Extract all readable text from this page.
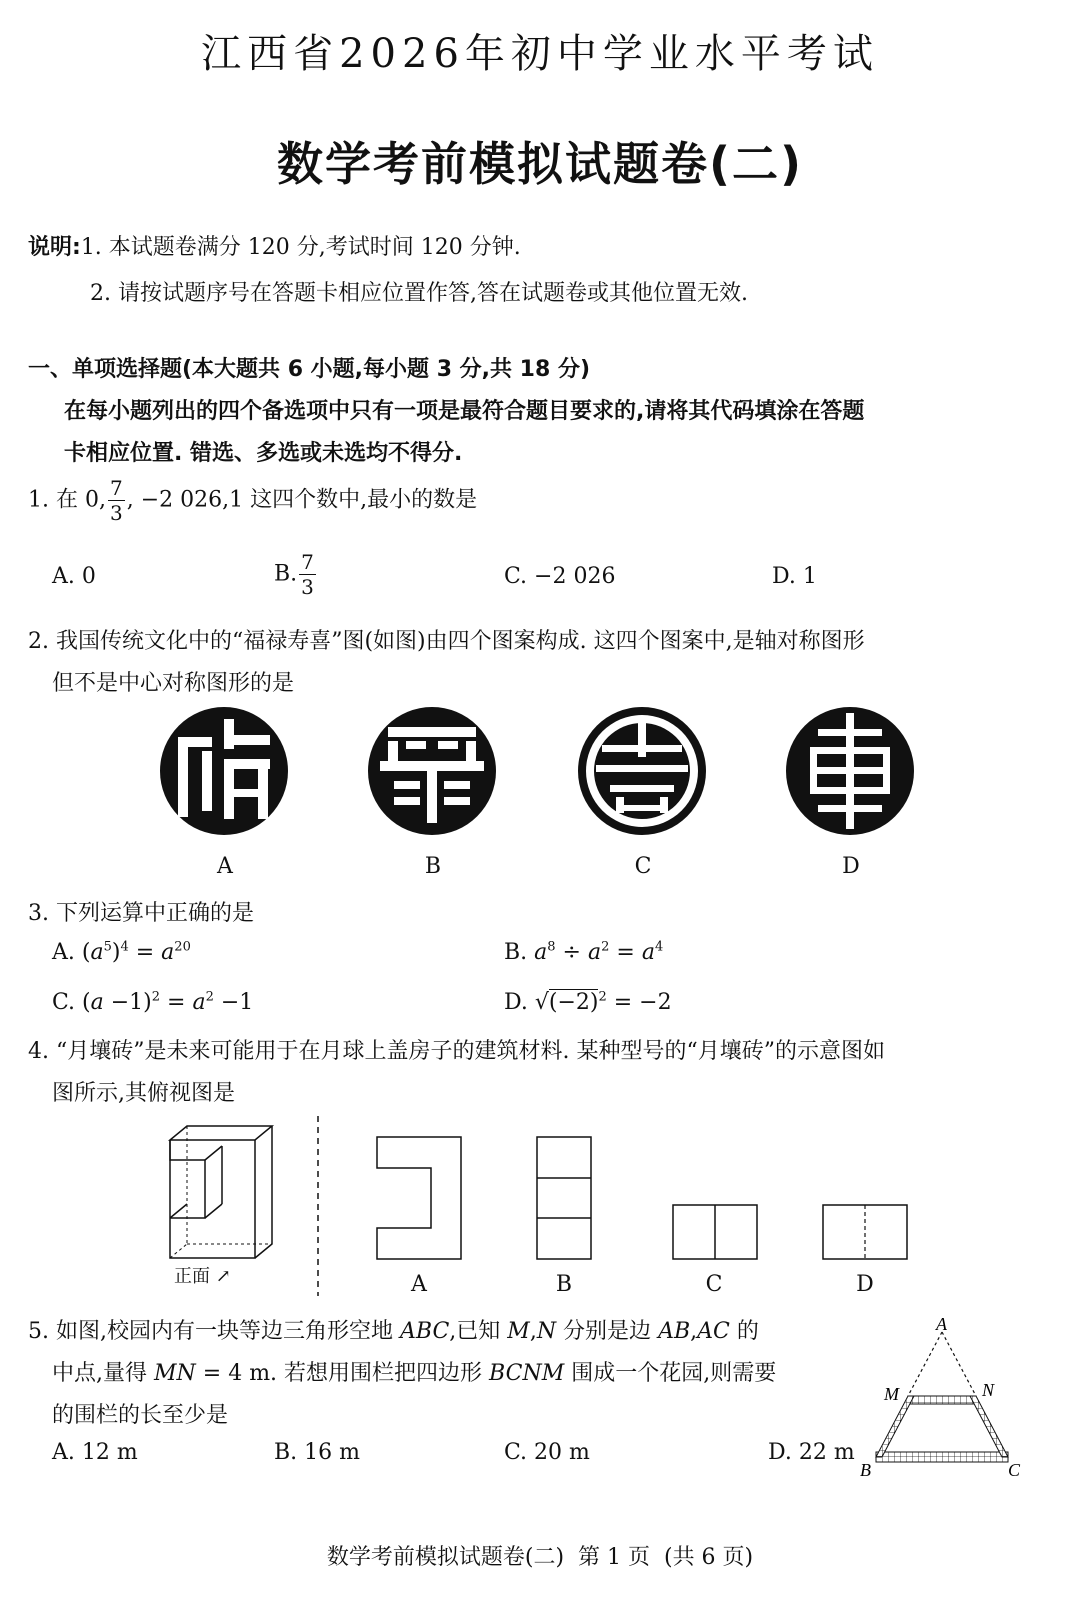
江西省2026年初中学业水平考试
数学考前模拟试题卷(二)
说明:1. 本试题卷满分 120 分,考试时间 120 分钟.
2. 请按试题序号在答题卡相应位置作答,答在试题卷或其他位置无效.
一、单项选择题(本大题共 6 小题,每小题 3 分,共 18 分)
在每小题列出的四个备选项中只有一项是最符合题目要求的,请将其代码填涂在答题
卡相应位置. 错选、多选或未选均不得分.
1. 在 0, $\frac{7}{3}$ , −2 026,1 这四个数中,最小的数是
A. 0	B. $\frac{7}{3}$	C. −2 026	D. 1
2. 我国传统文化中的“福禄寿喜”图(如图)由四个图案构成. 这四个图案中,是轴对称图形
但不是中心对称图形的是
A	B	C	D
3. 下列运算中正确的是
A. $(a^5)^4 = a^{20}$	B. $a^8 \div a^2 = a^4$
C. $(a -1)^2 = a^2 -1$	D. $√(-2)^2 = -2$
4. “月壤砖”是未来可能用于在月球上盖房子的建筑材料. 某种型号的“月壤砖”的示意图如
图所示,其俯视图是
正面 ↗	A	B	C	D
5. 如图,校园内有一块等边三角形空地 ABC,已知 M,N 分别是边 AB,AC 的
中点,量得 MN = 4 m. 若想用围栏把四边形 BCNM 围成一个花园,则需要
的围栏的长至少是
A. 12 m	B. 16 m	C. 20 m	D. 22 m
A
M	N
B	C
数学考前模拟试题卷(二)  第 1 页  (共 6 页)
